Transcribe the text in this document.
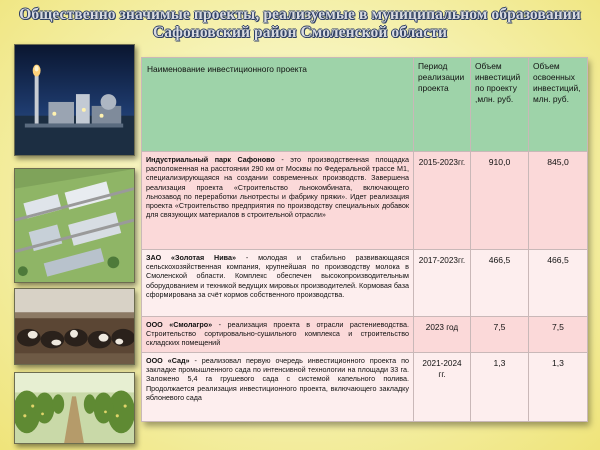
Общественно значимые проекты, реализуемые в муниципальном образовании
Сафоновский район Смоленской области
Наименование инвестиционного проекта	Период реализации проекта	Объем инвестиций по проекту ,млн. руб.	Объем освоенных инвестиций, млн. руб.
Индустриальный парк Сафоново - это производственная площадка расположенная на расстоянии 290 км от Москвы по Федеральной трассе М1, специализирующаяся на создании современных производств. Завершена реализация проекта «Строительство льнокомбината, включающего льнозавод по переработки льнотресты и фабрику пряжи». Идет реализация проекта «Строительство предприятия по производству специальных добавок для связующих материалов в строительной отрасли»	2015-2023гг.	910,0	845,0
ЗАО «Золотая Нива» - молодая и стабильно развивающаяся сельскохозяйственная компания, крупнейшая по производству молока в Смоленской области. Комплекс обеспечен высокопроизводительным оборудованием и техникой ведущих мировых производителей. Кормовая база сформирована за счёт кормов собственного производства.	2017-2023гг.	466,5	466,5
ООО «Смолагро» - реализация проекта в отрасли растениеводства. Строительство сортировально-сушильного комплекса и строительство складских помещений	2023 год	7,5	7,5
ООО «Сад» - реализовал первую очередь инвестиционного проекта по закладке промышленного сада по интенсивной технологии на площади 33 га. Заложено 5,4 га грушевого сада с системой капельного полива. Продолжается реализация инвестиционного проекта, включающего закладку яблоневого сада	2021-2024 гг.	1,3	1,3
